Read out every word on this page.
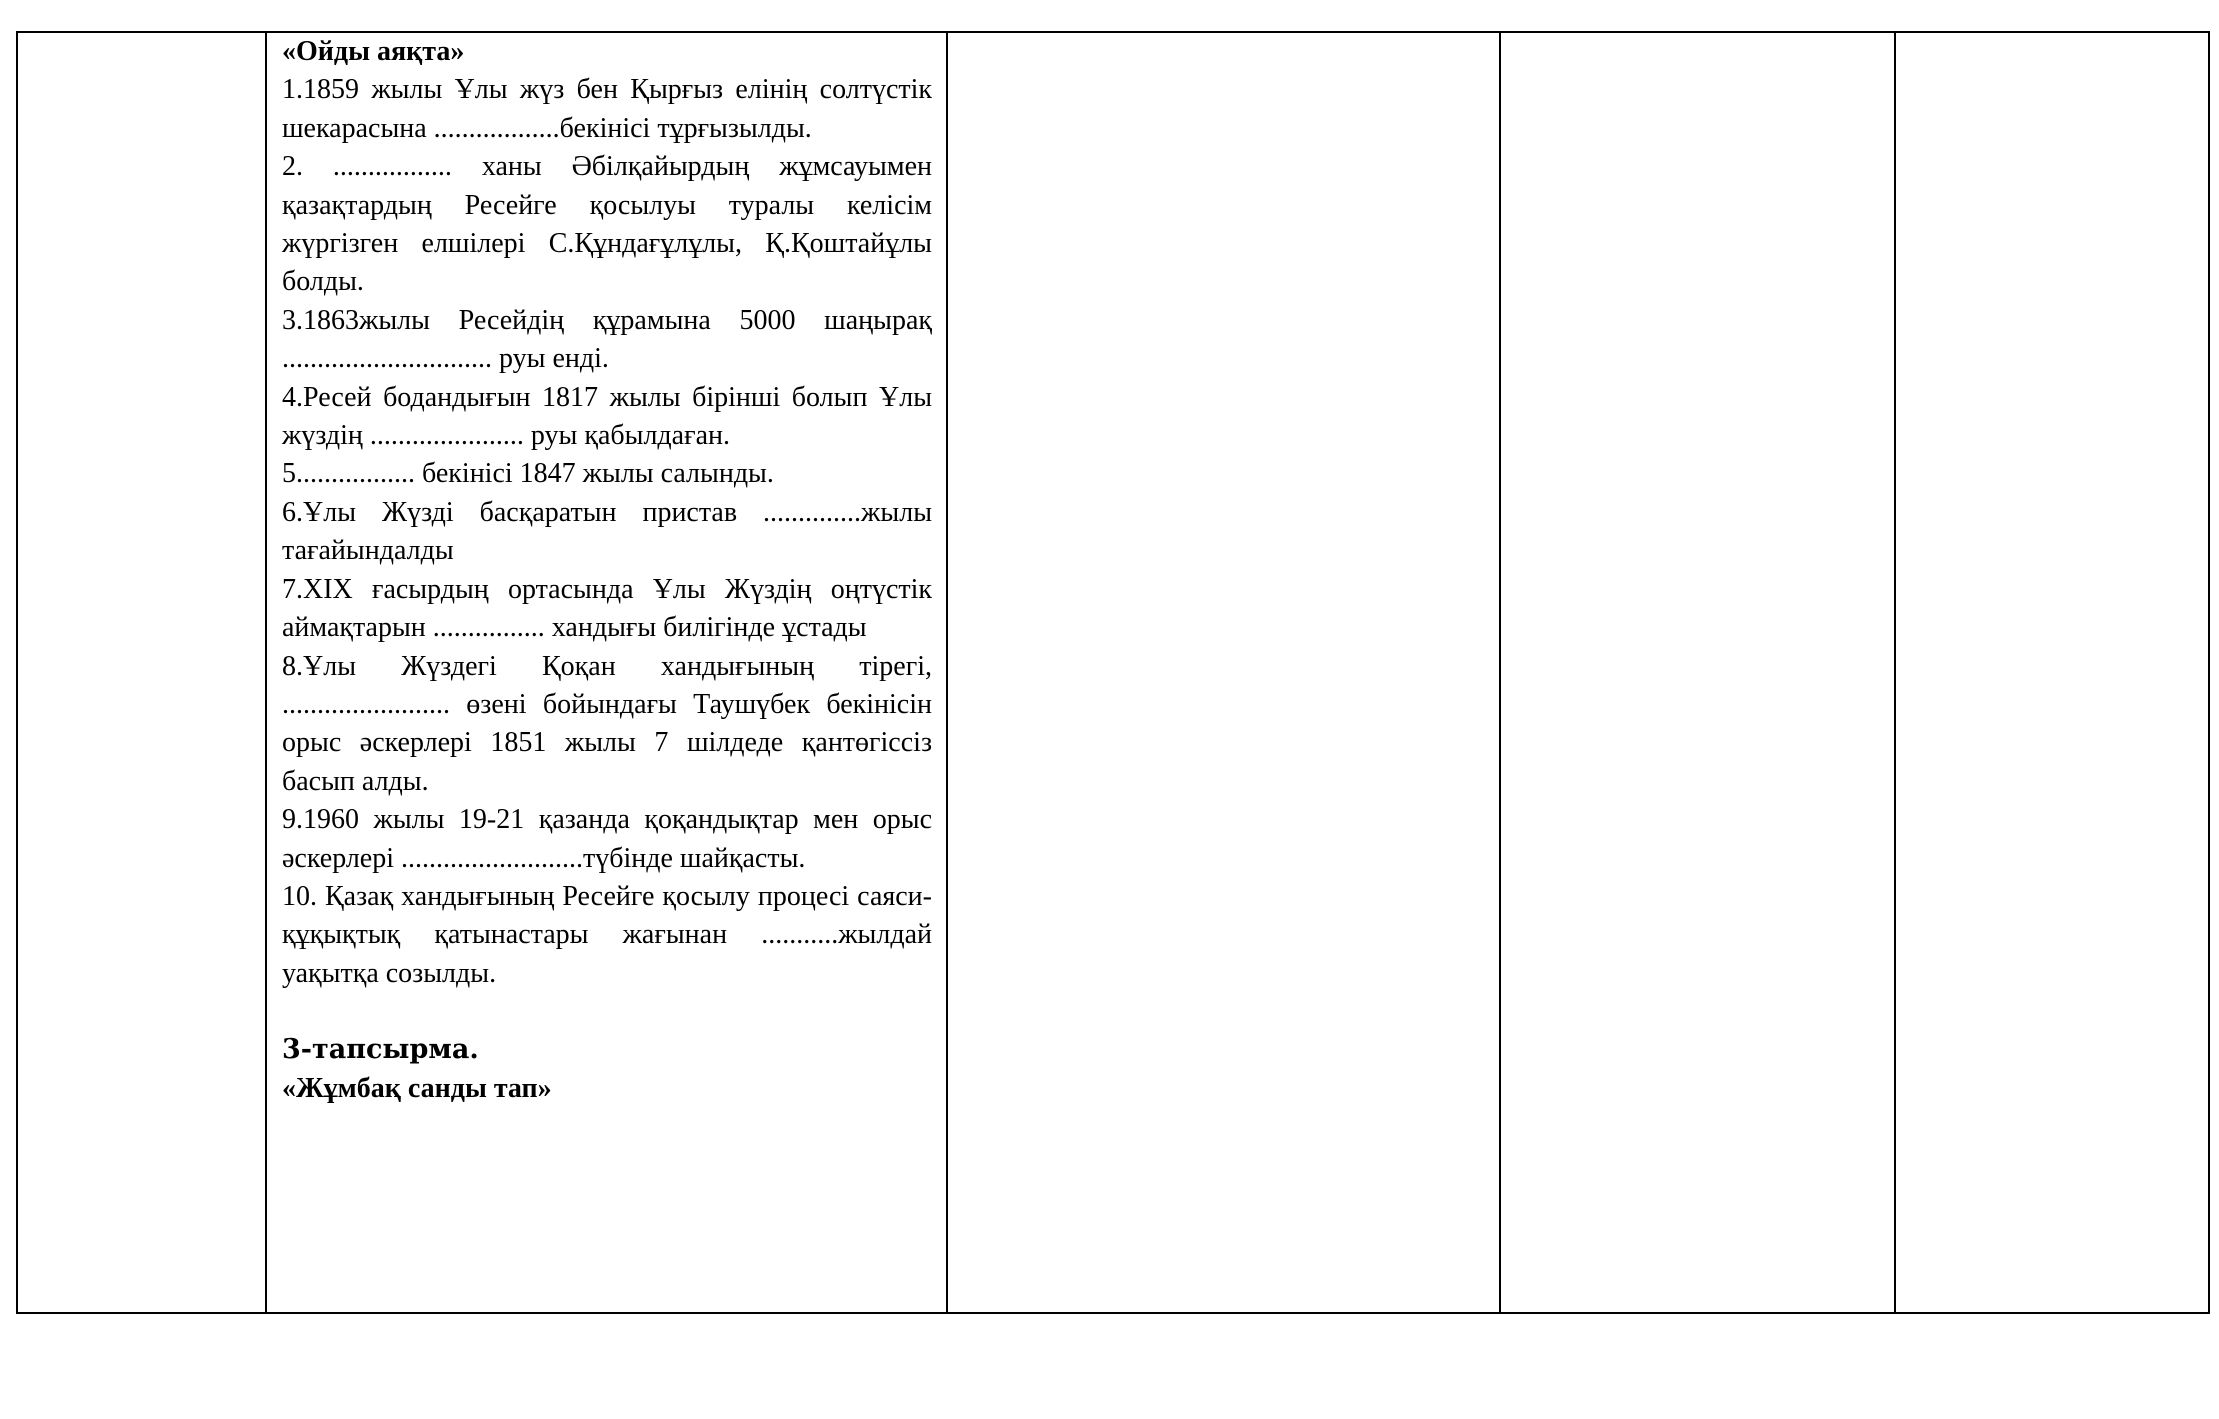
«Ойды аяқта»

1.1859 жылы Ұлы жүз бен Қырғыз елінің солтүстік шекарасына ..................бекінісі тұрғызылды.

2. ................. ханы Әбілқайырдың жұмсауымен қазақтардың Ресейге қосылуы туралы келісім жүргізген елшілері С.Құндағұлұлы, Қ.Қоштайұлы болды.

3.1863жылы Ресейдің құрамына 5000 шаңырақ .............................. руы енді.

4.Ресей бодандығын 1817 жылы бірінші болып Ұлы жүздің ...................... руы қабылдаған.

5................. бекінісі 1847 жылы салынды.

6.Ұлы Жүзді басқаратын пристав ..............жылы тағайындалды

7.XIX ғасырдың ортасында Ұлы Жүздің оңтүстік аймақтарын ................ хандығы билігінде ұстады

8.Ұлы Жүздегі Қоқан хандығының тірегі, ........................ өзені бойындағы Таушүбек бекінісін орыс әскерлері 1851 жылы 7 шілдеде қантөгіссіз басып алды.

9.1960 жылы 19-21 қазанда қоқандықтар мен орыс әскерлері ..........................түбінде шайқасты.

10. Қазақ хандығының Ресейге қосылу процесі саяси-құқықтық қатынастары жағынан ...........жылдай уақытқа созылды.

3-тапсырма.

«Жұмбақ санды тап»
